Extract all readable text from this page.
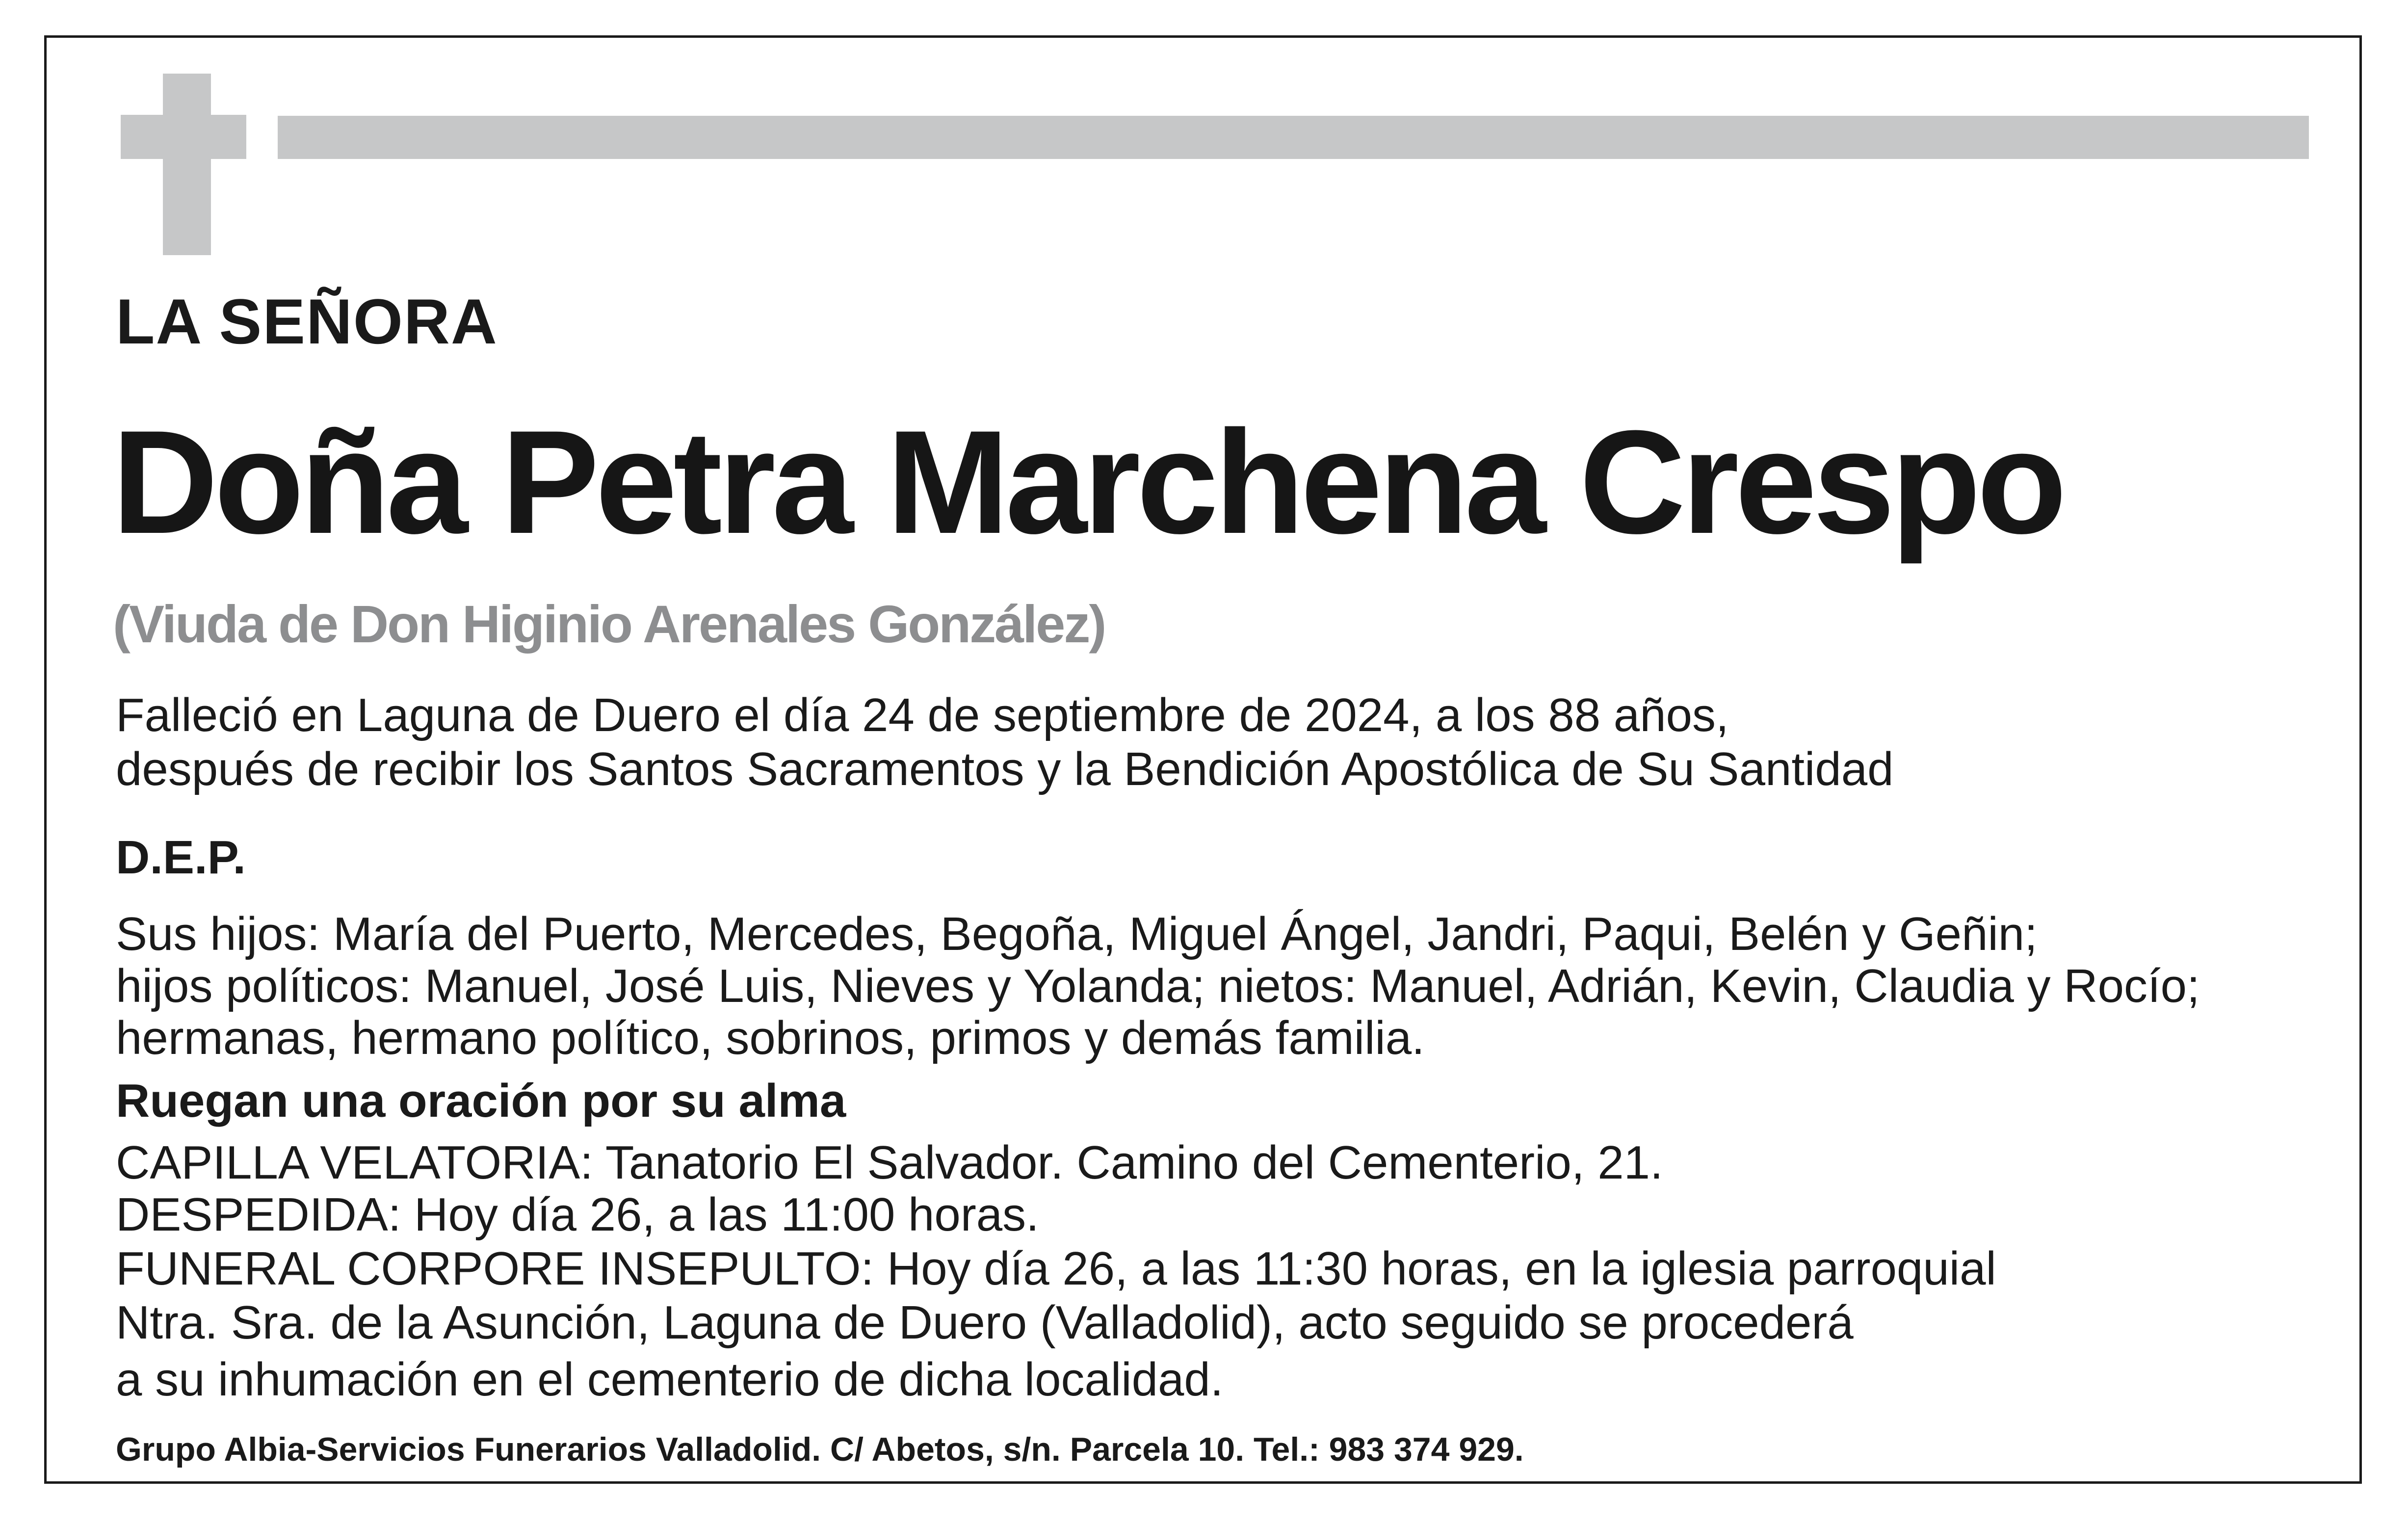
LA SEÑORA
Doña Petra Marchena Crespo
(Viuda de Don Higinio Arenales González)
Falleció en Laguna de Duero el día 24 de septiembre de 2024, a los 88 años,
después de recibir los Santos Sacramentos y la Bendición Apostólica de Su Santidad
D.E.P.
Sus hijos: María del Puerto, Mercedes, Begoña, Miguel Ángel, Jandri, Paqui, Belén y Geñin;
hijos políticos: Manuel, José Luis, Nieves y Yolanda; nietos: Manuel, Adrián, Kevin, Claudia y Rocío;
hermanas, hermano político, sobrinos, primos y demás familia.
Ruegan una oración por su alma
CAPILLA VELATORIA: Tanatorio El Salvador. Camino del Cementerio, 21.
DESPEDIDA: Hoy día 26, a las 11:00 horas.
FUNERAL CORPORE INSEPULTO: Hoy día 26, a las 11:30 horas, en la iglesia parroquial
Ntra. Sra. de la Asunción, Laguna de Duero (Valladolid), acto seguido se procederá
a su inhumación en el cementerio de dicha localidad.
Grupo Albia-Servicios Funerarios Valladolid. C/ Abetos, s/n. Parcela 10. Tel.: 983 374 929.
